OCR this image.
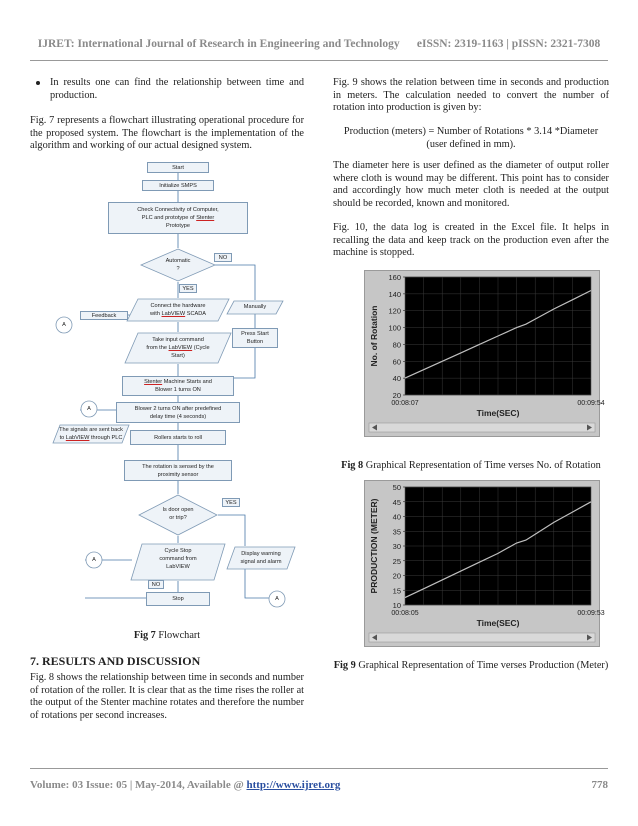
IJRET: International Journal of Research in Engineering and Technology      eISSN: 2319-1163 | pISSN: 2321-7308
In results one can find the relationship between time and production.
Fig. 7 represents a flowchart illustrating operational procedure for the proposed system. The flowchart is the implementation of the algorithm and working of our actual designed system.
Start
Initialize SMPS
Check Connectivity of Computer,
PLC and prototype of Stenter
Prototype
Automatic
?
NO
YES
Connect the hardware
with LabVIEW SCADA
Manually
Feedback
A
Take input command
from the LabVIEW (Cycle
Start)
Press Start
Button
Stenter Machine Starts and
Blower 1 turns ON
A	Blower 2 turns ON after predefined
delay time (4 seconds)
The signals are sent back
to LabVIEW through PLC	Rollers starts to roll
The rotation is sensed by the
proximity sensor
Is door open
or trip?
YES
Cycle Stop
command from
LabVIEW
Display warning
signal and alarm
A
NO
Stop	A
Fig 7 Flowchart
7. RESULTS AND DISCUSSION
Fig. 8 shows the relationship between time in seconds and number of rotation of the roller. It is clear that as the time rises the roller at the output of the Stenter machine rotates and therefore the number of rotations per second increases.
Fig. 9 shows the relation between time in seconds and production in meters. The calculation needed to convert the number of rotation into production is given by:
Production (meters) = Number of Rotations * 3.14 *Diameter
(user defined in mm).
The diameter here is user defined as the diameter of output roller where cloth is wound may be different. This point has to consider and accordingly how much meter cloth is needed at the output should be recorded, known and monitored.
Fig. 10, the data log is created in the Excel file. It helps in recalling the data and keep track on the production even after the machine is stopped.
20
40
60
80
100
120
140
160
00:08:07	00:09:54
Time(SEC)
No. of Rotation
Fig 8 Graphical Representation of Time verses No. of Rotation
10
15
20
25
30
35
40
45
50
00:08:05	00:09:53
Time(SEC)
PRODUCTION (METER)
Fig 9 Graphical Representation of Time verses Production (Meter)
Volume: 03 Issue: 05 | May-2014, Available @ http://www.ijret.org	778
